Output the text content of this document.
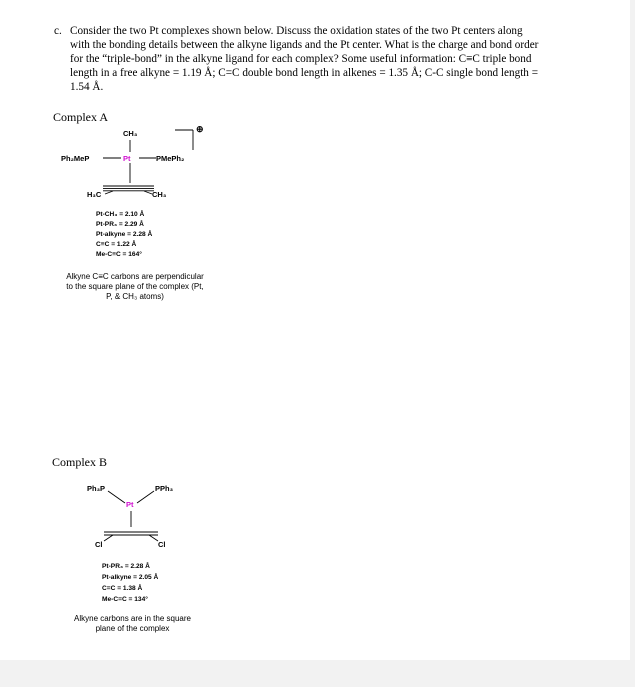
c. Consider the two Pt complexes shown below. Discuss the oxidation states of the two Pt centers along
with the bonding details between the alkyne ligands and the Pt center. What is the charge and bond order
for the “triple-bond” in the alkyne ligand for each complex? Some useful information: C≡C triple bond
length in a free alkyne = 1.19 Å; C=C double bond length in alkenes = 1.35 Å; C-C single bond length =
1.54 Å.
Complex A
CH₃
Ph₂MeP	Pt	PMePh₂
H₃C	CH₃
⊕
Pt-CH₃ = 2.10 Å
Pt-PR₃ = 2.29 Å
Pt-alkyne = 2.28 Å
C≡C = 1.22 Å
Me-C≡C = 164°
Alkyne C≡C carbons are perpendicular
to the square plane of the complex (Pt,
P, & CH₃ atoms)
Complex B
Ph₃P	PPh₃
Pt
Cl	Cl
Pt-PR₃ = 2.28 Å
Pt-alkyne = 2.05 Å
C=C = 1.38 Å
Me-C=C = 134°
Alkyne carbons are in the square
plane of the complex
